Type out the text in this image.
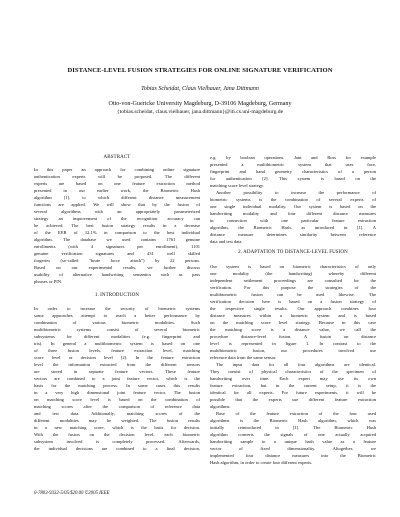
DISTANCE-LEVEL FUSION STRATEGIES FOR ONLINE SIGNATURE VERIFICATION
Tobias Scheidat, Claus Vielhauer, Jana Dittmann
Otto-von-Guericke University Magdeburg, D-39106 Magdeburg, Germany
{tobias.scheidat, claus.vielhauer, jana.dittmann}@iti.cs.uni-magdeburg.de
ABSTRACT
In this paper an approach for combining online signature
authentication experts will be proposed. The different
experts are based on one feature extraction method
presented in our earlier work, the Biometric Hash
algorithm [1], to which different distance measurement
functions are applied. We will show that by the fusion of
several algorithms with an appropriately parameterized
strategy an improvement of the recognition accuracy can
be achieved. The best fusion strategy results in a decrease
of the EER of 12.1% in comparison to the best individual
algorithm. The database we used contains 1761 genuine
enrollments (with 4 signatures per enrollment), 1101
genuine verification signatures and 431 well skilled
forgeries (so-called "brute force attack") by 22 persons.
Based on our experimental results, we further discuss
usability of alternative handwriting semantics such as pass
phrases or PIN.
1. INTRODUCTION
In order to increase the security of biometric systems
some approaches attempt to reach a better performance by
combination of various biometric modalities. Such
multibiometric systems consist of several biometric
subsystems for different modalities (e.g. fingerprint and
iris). In general a multibiometric system is based on one
of three fusion levels, feature extraction level, matching
score level or decision level [2]. In the feature extraction
level the information extracted from the different sensors
are stored in separate feature vectors. These feature
vectors are combined to a joint feature vector, which is the
basis for the matching process. In some cases this results
in a very high dimensional joint feature vector. The fusion
on matching score level is based on the combination of
matching scores after the comparison of reference data
and test data. Additionally, matching scores of the
different modalities may be weighted. The fusion results
in a new matching score, which is the basis for decision.
With the fusion on the decision level, each biometric
subsystem involved is completely processed. Afterwards,
the individual decisions are combined to a final decision,
e.g. by boolean operations. Jain and Ross for example
presented a multibiometric system that uses face,
fingerprint and hand geometry characteristics of a person
for authentication [2]. This system is based on the
matching score level strategy.
Another possibility to increase the performance of
biometric systems is the combination of several experts of
one single individual modality. Our system is based on the
handwriting modality and four different distance measures
in connection with one particular feature extraction
algorithm, the Biometric Hash, as introduced in [1]. A
distance measure determines similarity between reference
data and test data.
2. ADAPTATION TO DISTANCE-LEVEL FUSION
Our system is based on biometric characteristics of only
one modality (the handwriting) whereby different
independent settlement proceedings are consulted for the
verification. For this purpose the strategies of the
multibiometric fusion can be used likewise. The
verification decision here is based on a fusion strategy of
the respective single results. Our approach combines four
distance measures within a biometric system and is based
on the matching score level strategy. Because in this case
the matching score is a distance value, we call the
procedure distance-level fusion. A fusion on distance
level is represented in figure 1. In contrast to the
multibiometric fusion, our procedures involved use
reference data from the same sensor.
The input data for all four algorithms are identical.
They consist of physical characteristics of the specimen of
handwriting over time. Each expert may use its own
feature extraction, but in the current setup, it is the
identical for all experts. For future experiments, it will be
possible that the experts use different feature extraction
algorithms.
Base of the feature extraction of the four used
algorithms is the Biometric Hash algorithm, which was
initially reintroduced in [1]. The Biometric Hash
algorithm converts the signals of one actually acquired
handwriting sample to a unique hash value as a feature
vector of fixed dimensionality. Altogether, we
implemented four distance measures into the Biometric
Hash algorithm, in order to create four different experts.
0-7803-9332-5/05/$20.00 ©2005 IEEE
